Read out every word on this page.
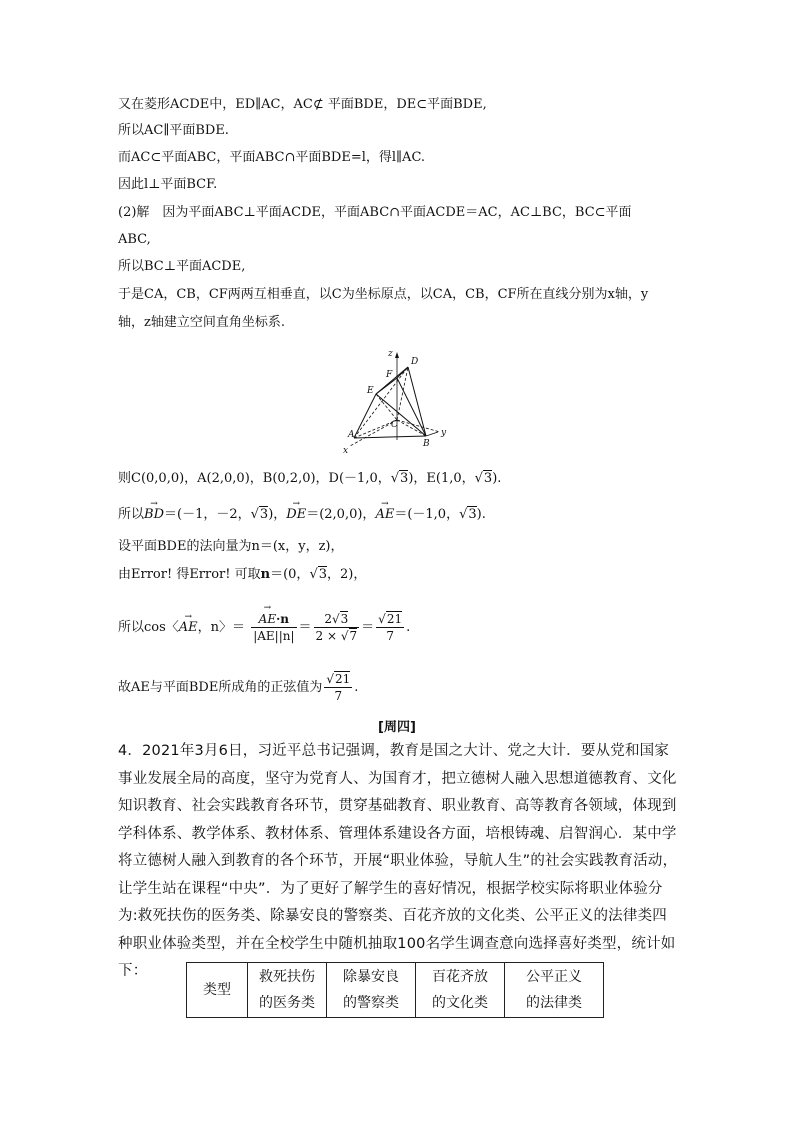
又在菱形ACDE中，ED∥AC，AC⊄ 平面BDE，DE⊂平面BDE,
所以AC∥平面BDE.
而AC⊂平面ABC，平面ABC∩平面BDE=l，得l∥AC.
因此l⊥平面BCF.
(2)解　因为平面ABC⊥平面ACDE，平面ABC∩平面ACDE＝AC，AC⊥BC，BC⊂平面
ABC,
所以BC⊥平面ACDE,
于是CA，CB，CF两两互相垂直，以C为坐标原点，以CA，CB，CF所在直线分别为x轴，y
轴，z轴建立空间直角坐标系.
z
D
F
E
C
A
B
x
y
则C(0,0,0)，A(2,0,0)，B(0,2,0)，D(－1,0，√3)，E(1,0，√3).
所以→ BD＝(－1，－2，√3)，→ DE＝(2,0,0)，→ AE＝(－1,0，√3).
设平面BDE的法向量为n＝(x，y，z)，
由Error! 得Error! 可取n＝(0，√3，2)，
所以cos〈→ AE，n〉＝
→ $\frac{AE\cdot n}{|AE||n|} = \frac{2√3}{2 \times √7} = \frac{√21}{7}$ .
故AE与平面BDE所成角的正弦值为 $\frac{√21}{7}$ .
[周四]
4．2021年3月6日，习近平总书记强调，教育是国之大计、党之大计．要从党和国家事业发展全局的高度，坚守为党育人、为国育才，把立德树人融入思想道德教育、文化知识教育、社会实践教育各环节，贯穿基础教育、职业教育、高等教育各领域，体现到学科体系、教学体系、教材体系、管理体系建设各方面，培根铸魂、启智润心．某中学将立德树人融入到教育的各个环节，开展“职业体验，导航人生”的社会实践教育活动，让学生站在课程“中央”．为了更好了解学生的喜好情况，根据学校实际将职业体验分为:救死扶伤的医务类、除暴安良的警察类、百花齐放的文化类、公平正义的法律类四种职业体验类型，并在全校学生中随机抽取100名学生调查意向选择喜好类型，统计如下：
类型	
救死扶伤
的医务类

除暴安良
的警察类

百花齐放
的文化类

公平正义
的法律类
